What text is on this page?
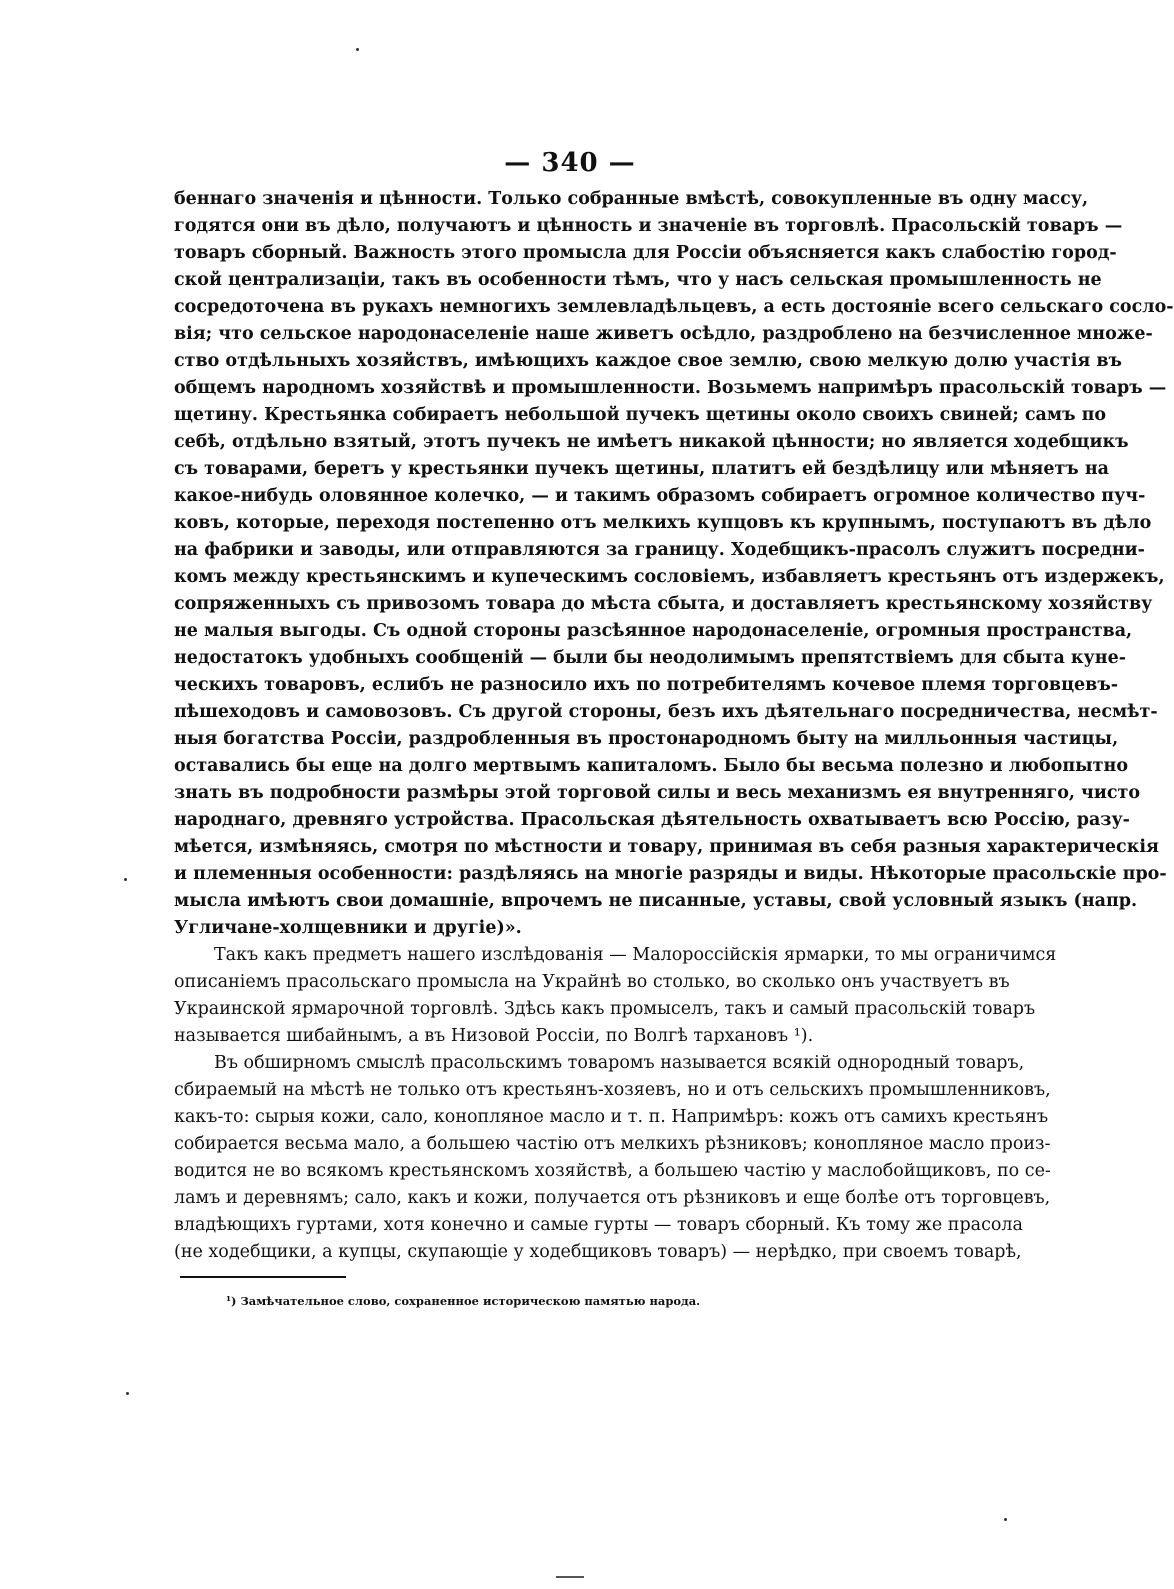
— 340 —
беннаго значенія и цѣнности. Только собранные вмѣстѣ, совокупленные въ одну массу,
годятся они въ дѣло, получаютъ и цѣнность и значеніе въ торговлѣ. Прасольскій товаръ —
товаръ сборный. Важность этого промысла для Россіи объясняется какъ слабостію город-
ской централизаціи, такъ въ особенности тѣмъ, что у насъ сельская промышленность не
сосредоточена въ рукахъ немногихъ землевладѣльцевъ, а есть достояніе всего сельскаго сосло-
вія; что сельское народонаселеніе наше живетъ осѣдло, раздроблено на безчисленное множе-
ство отдѣльныхъ хозяйствъ, имѣющихъ каждое свое землю, свою мелкую долю участія въ
общемъ народномъ хозяйствѣ и промышленности. Возьмемъ напримѣръ прасольскій товаръ —
щетину. Крестьянка собираетъ небольшой пучекъ щетины около своихъ свиней; самъ по
себѣ, отдѣльно взятый, этотъ пучекъ не имѣетъ никакой цѣнности; но является ходебщикъ
съ товарами, беретъ у крестьянки пучекъ щетины, платитъ ей бездѣлицу или мѣняетъ на
какое-нибудь оловянное колечко, — и такимъ образомъ собираетъ огромное количество пуч-
ковъ, которые, переходя постепенно отъ мелкихъ купцовъ къ крупнымъ, поступаютъ въ дѣло
на фабрики и заводы, или отправляются за границу. Ходебщикъ-прасолъ служитъ посредни-
комъ между крестьянскимъ и купеческимъ сословіемъ, избавляетъ крестьянъ отъ издержекъ,
сопряженныхъ съ привозомъ товара до мѣста сбыта, и доставляетъ крестьянскому хозяйству
не малыя выгоды. Съ одной стороны разсѣянное народонаселеніе, огромныя пространства,
недостатокъ удобныхъ сообщеній — были бы неодолимымъ препятствіемъ для сбыта куне-
ческихъ товаровъ, еслибъ не разносило ихъ по потребителямъ кочевое племя торговцевъ-
пѣшеходовъ и самовозовъ. Съ другой стороны, безъ ихъ дѣятельнаго посредничества, несмѣт-
ныя богатства Россіи, раздробленныя въ простонародномъ быту на милльонныя частицы,
оставались бы еще на долго мертвымъ капиталомъ. Было бы весьма полезно и любопытно
знать въ подробности размѣры этой торговой силы и весь механизмъ ея внутренняго, чисто
народнаго, древняго устройства. Прасольская дѣятельность охватываетъ всю Россію, разу-
мѣется, измѣняясь, смотря по мѣстности и товару, принимая въ себя разныя характерическія
и племенныя особенности: раздѣляясь на многіе разряды и виды. Нѣкоторые прасольскіе про-
мысла имѣютъ свои домашніе, впрочемъ не писанные, уставы, свой условный языкъ (напр.
Угличане-холщевники и другіе)».
Такъ какъ предметъ нашего изслѣдованія — Малороссійскія ярмарки, то мы ограничимся
описаніемъ прасольскаго промысла на Украйнѣ во столько, во сколько онъ участвуетъ въ
Украинской ярмарочной торговлѣ. Здѣсь какъ промыселъ, такъ и самый прасольскій товаръ
называется шибайнымъ, а въ Низовой Россіи, по Волгѣ тархановъ ¹).
Въ обширномъ смыслѣ прасольскимъ товаромъ называется всякій однородный товаръ,
сбираемый на мѣстѣ не только отъ крестьянъ-хозяевъ, но и отъ сельскихъ промышленниковъ,
какъ-то: сырыя кожи, сало, конопляное масло и т. п. Напримѣръ: кожъ отъ самихъ крестьянъ
собирается весьма мало, а большею частію отъ мелкихъ рѣзниковъ; конопляное масло произ-
водится не во всякомъ крестьянскомъ хозяйствѣ, а большею частію у маслобойщиковъ, по се-
ламъ и деревнямъ; сало, какъ и кожи, получается отъ рѣзниковъ и еще болѣе отъ торговцевъ,
владѣющихъ гуртами, хотя конечно и самые гурты — товаръ сборный. Къ тому же прасола
(не ходебщики, а купцы, скупающіе у ходебщиковъ товаръ) — нерѣдко, при своемъ товарѣ,
¹) Замѣчательное слово, сохраненное историческою памятью народа.
